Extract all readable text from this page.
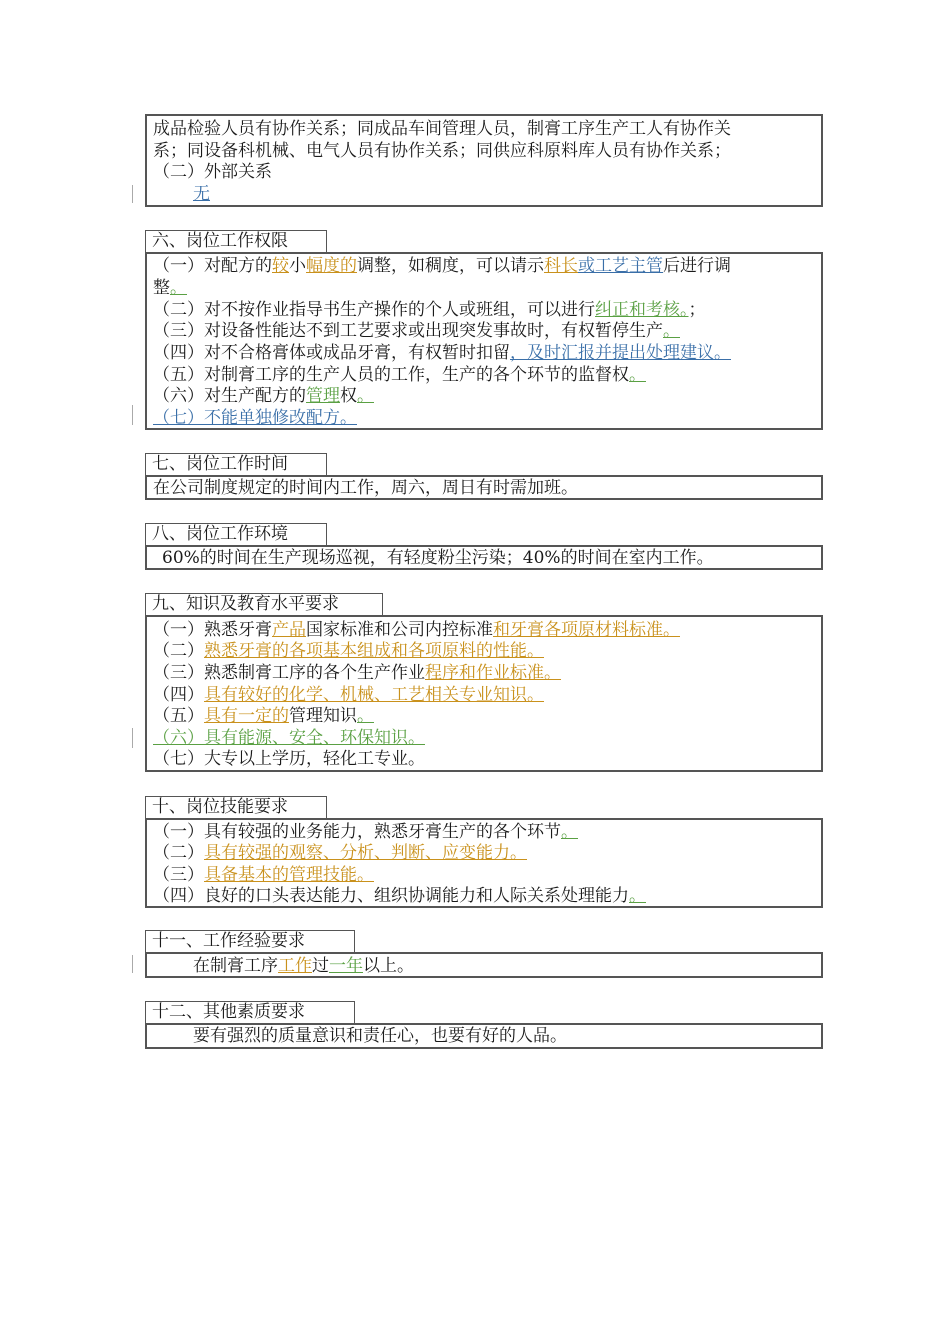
成品检验人员有协作关系；同成品车间管理人员，制膏工序生产工人有协作关
系；同设备科机械、电气人员有协作关系；同供应科原料库人员有协作关系；
（二）外部关系
无
六、岗位工作权限
（一）对配方的较小幅度的调整，如稠度，可以请示科长或工艺主管后进行调
整。
（二）对不按作业指导书生产操作的个人或班组，可以进行纠正和考核。；
（三）对设备性能达不到工艺要求或出现突发事故时，有权暂停生产。
（四）对不合格膏体或成品牙膏，有权暂时扣留，及时汇报并提出处理建议。
（五）对制膏工序的生产人员的工作，生产的各个环节的监督权。
（六）对生产配方的管理权。
（七）不能单独修改配方。
七、岗位工作时间
在公司制度规定的时间内工作，周六，周日有时需加班。
八、岗位工作环境
60%的时间在生产现场巡视，有轻度粉尘污染；40%的时间在室内工作。
九、知识及教育水平要求
（一）熟悉牙膏产品国家标准和公司内控标准和牙膏各项原材料标准。
（二）熟悉牙膏的各项基本组成和各项原料的性能。
（三）熟悉制膏工序的各个生产作业程序和作业标准。
（四）具有较好的化学、机械、工艺相关专业知识。
（五）具有一定的管理知识。
（六）具有能源、安全、环保知识。
（七）大专以上学历，轻化工专业。
十、岗位技能要求
（一）具有较强的业务能力，熟悉牙膏生产的各个环节。
（二）具有较强的观察、分析、判断、应变能力。
（三）具备基本的管理技能。
（四）良好的口头表达能力、组织协调能力和人际关系处理能力。
十一、工作经验要求
在制膏工序工作过一年以上。
十二、其他素质要求
要有强烈的质量意识和责任心，也要有好的人品。
